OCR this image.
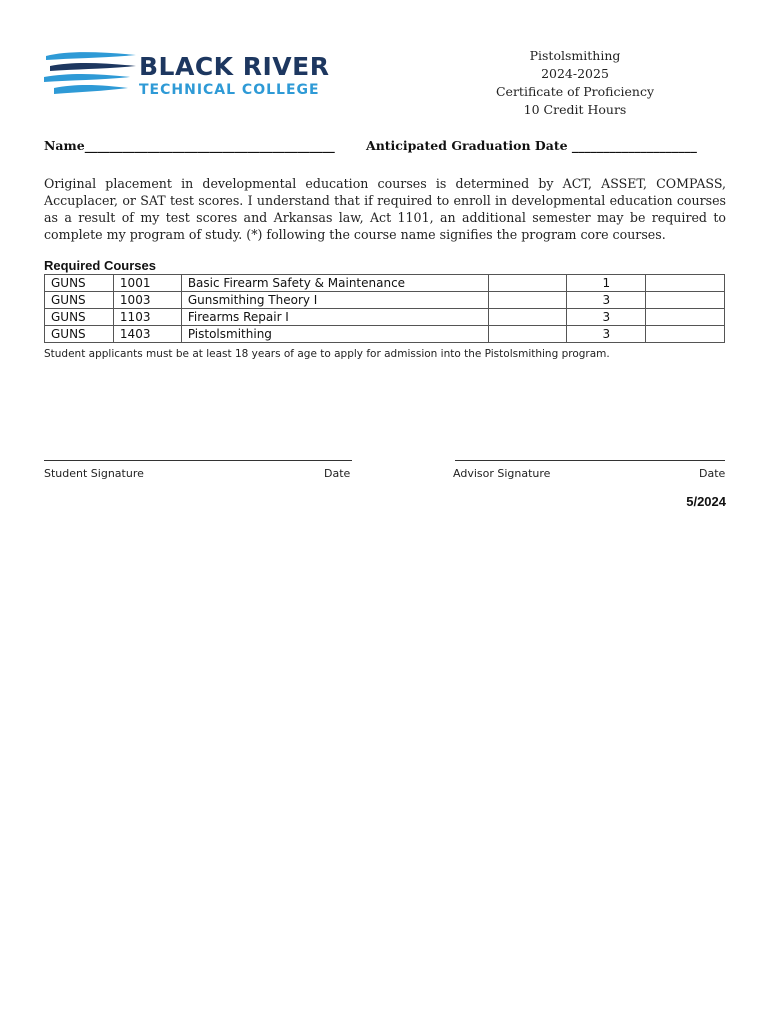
BLACK RIVER
TECHNICAL COLLEGE
Pistolsmithing
2024-2025
Certificate of Proficiency
10 Credit Hours
Name________________________________________	Anticipated Graduation Date ____________________
Original placement in developmental education courses is determined by ACT, ASSET, COMPASS, Accuplacer, or SAT test scores. I understand that if required to enroll in developmental education courses as a result of my test scores and Arkansas law, Act 1101, an additional semester may be required to complete my program of study. (*) following the course name signifies the program core courses.
Required Courses
GUNS	1001	Basic Firearm Safety & Maintenance		1	
GUNS	1003	Gunsmithing Theory I		3	
GUNS	1103	Firearms Repair I		3	
GUNS	1403	Pistolsmithing		3	
Student applicants must be at least 18 years of age to apply for admission into the Pistolsmithing program.
Student Signature	Date	Advisor Signature	Date
5/2024
